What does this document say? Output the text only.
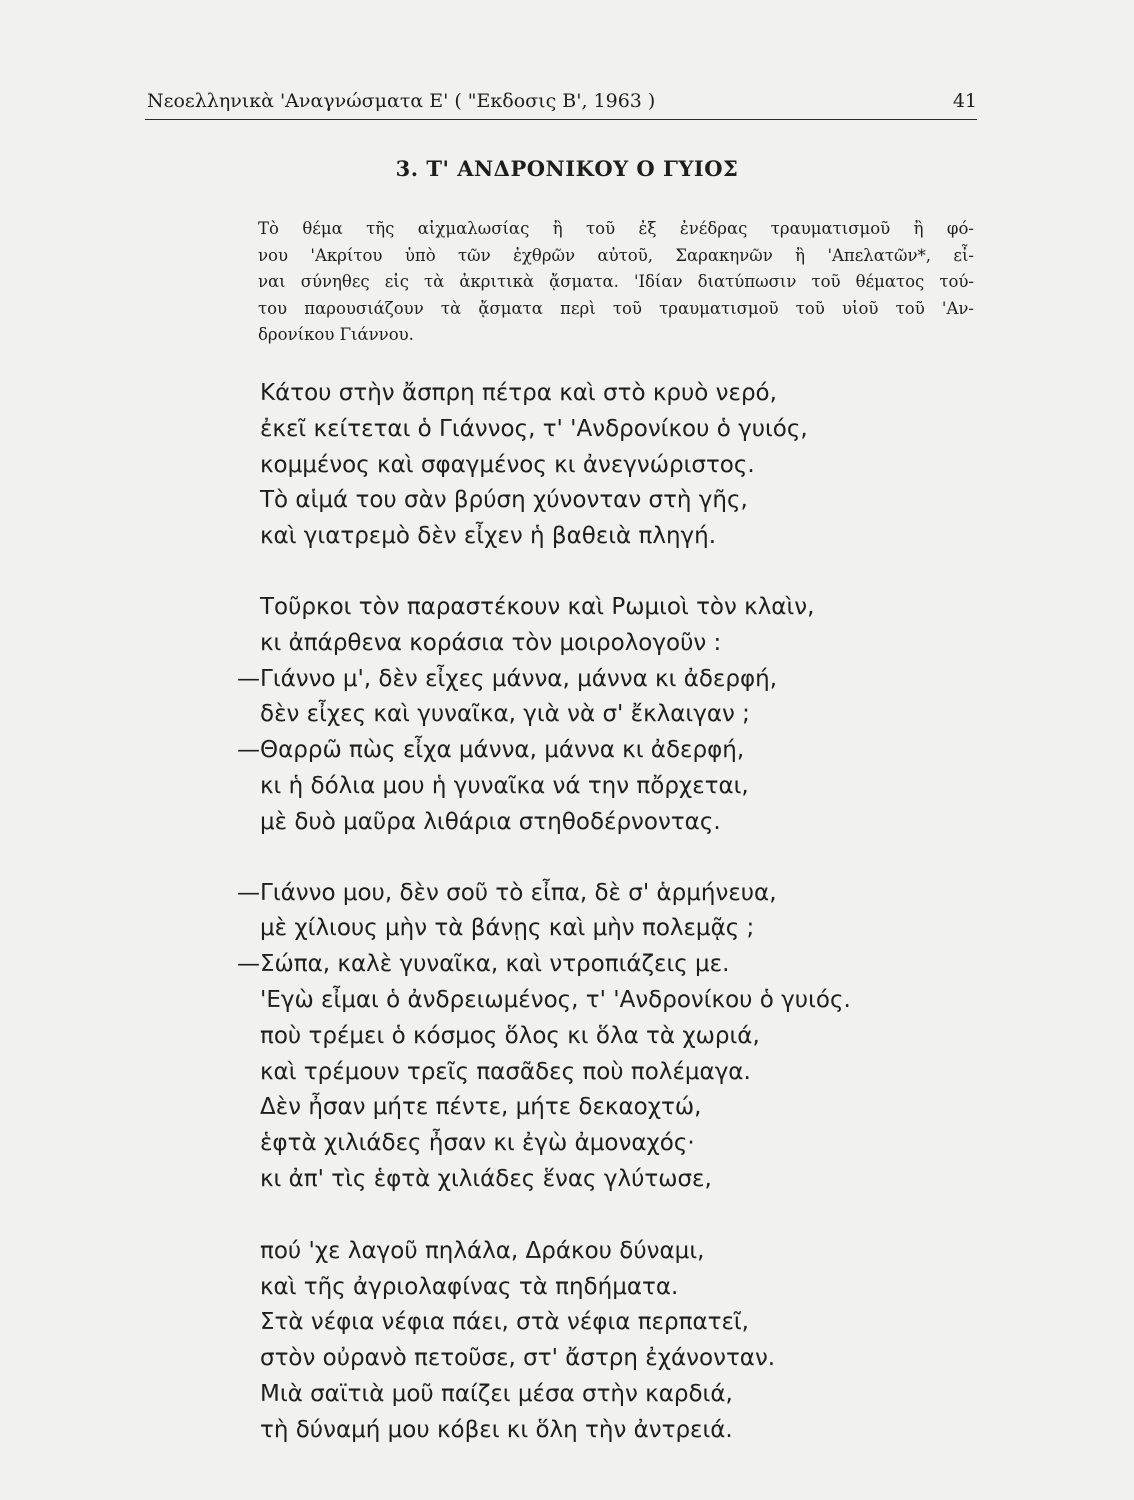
Νεοελληνικὰ 'Αναγνώσματα Ε' ( "Εκδοσις Β', 1963 )	41
3. Τ' ΑΝΔΡΟΝΙΚΟΥ Ο ΓΥΙΟΣ
Τὸ θέμα τῆς αἰχμαλωσίας ἢ τοῦ ἐξ ἐνέδρας τραυματισμοῦ ἢ φό-
νου 'Ακρίτου ὑπὸ τῶν ἐχθρῶν αὐτοῦ, Σαρακηνῶν ἢ 'Απελατῶν*, εἶ-
ναι σύνηθες εἰς τὰ ἀκριτικὰ ᾄσματα. 'Ιδίαν διατύπωσιν τοῦ θέματος τού-
του παρουσιάζουν τὰ ᾄσματα περὶ τοῦ τραυματισμοῦ τοῦ υἱοῦ τοῦ 'Αν-
δρονίκου Γιάννου.
Κάτου στὴν ἄσπρη πέτρα καὶ στὸ κρυὸ νερό,
ἐκεῖ κείτεται ὁ Γιάννος, τ' 'Ανδρονίκου ὁ γυιός,
κομμένος καὶ σφαγμένος κι ἀνεγνώριστος.
Τὸ αἱμά του σὰν βρύση χύνονταν στὴ γῆς,
καὶ γιατρεμὸ δὲν εἶχεν ἡ βαθειὰ πληγή.
Τοῦρκοι τὸν παραστέκουν καὶ Ρωμιοὶ τὸν κλαὶν,
κι ἀπάρθενα κοράσια τὸν μοιρολογοῦν :
—Γιάννο μ', δὲν εἶχες μάννα, μάννα κι ἀδερφή,
δὲν εἶχες καὶ γυναῖκα, γιὰ νὰ σ' ἔκλαιγαν ;
—Θαρρῶ πὼς εἶχα μάννα, μάννα κι ἀδερφή,
κι ἡ δόλια μου ἡ γυναῖκα νά την πὄρχεται,
μὲ δυὸ μαῦρα λιθάρια στηθοδέρνοντας.
—Γιάννο μου, δὲν σοῦ τὸ εἶπα, δὲ σ' ἁρμήνευα,
μὲ χίλιους μὴν τὰ βάνῃς καὶ μὴν πολεμᾷς ;
—Σώπα, καλὲ γυναῖκα, καὶ ντροπιάζεις με.
'Εγὼ εἶμαι ὁ ἀνδρειωμένος, τ' 'Ανδρονίκου ὁ γυιός.
ποὺ τρέμει ὁ κόσμος ὅλος κι ὅλα τὰ χωριά,
καὶ τρέμουν τρεῖς πασᾶδες ποὺ πολέμαγα.
Δὲν ἦσαν μήτε πέντε, μήτε δεκαοχτώ,
ἑφτὰ χιλιάδες ἦσαν κι ἐγὼ ἀμοναχός·
κι ἀπ' τὶς ἑφτὰ χιλιάδες ἕνας γλύτωσε,
πού 'χε λαγοῦ πηλάλα, Δράκου δύναμι,
καὶ τῆς ἀγριολαφίνας τὰ πηδήματα.
Στὰ νέφια νέφια πάει, στὰ νέφια περπατεῖ,
στὸν οὐρανὸ πετοῦσε, στ' ἄστρη ἐχάνονταν.
Μιὰ σαϊτιὰ μοῦ παίζει μέσα στὴν καρδιά,
τὴ δύναμή μου κόβει κι ὅλη τὴν ἀντρειά.
